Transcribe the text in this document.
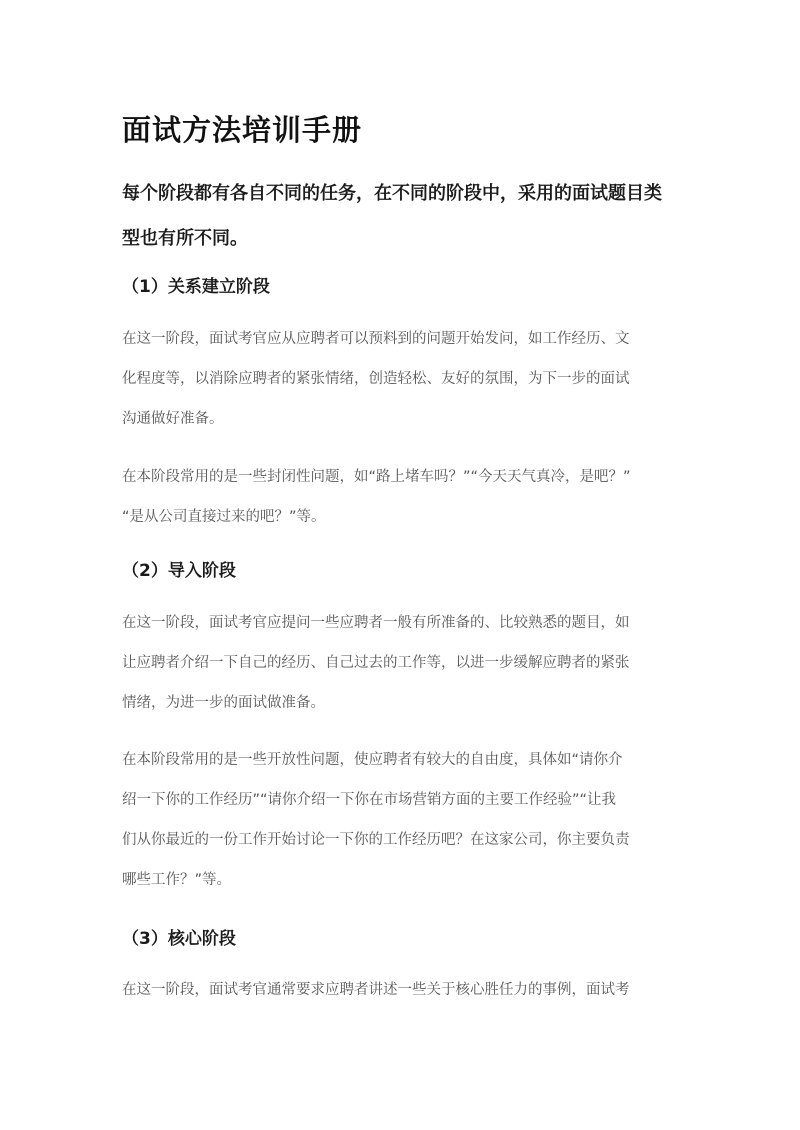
面试方法培训手册

每个阶段都有各自不同的任务，在不同的阶段中，采用的面试题目类
型也有所不同。

（1）关系建立阶段

在这一阶段，面试考官应从应聘者可以预料到的问题开始发问，如工作经历、文
化程度等，以消除应聘者的紧张情绪，创造轻松、友好的氛围，为下一步的面试
沟通做好准备。

在本阶段常用的是一些封闭性问题，如“路上堵车吗？”“今天天气真冷，是吧？”
“是从公司直接过来的吧？”等。

（2）导入阶段

在这一阶段，面试考官应提问一些应聘者一般有所准备的、比较熟悉的题目，如
让应聘者介绍一下自己的经历、自己过去的工作等，以进一步缓解应聘者的紧张
情绪，为进一步的面试做准备。

在本阶段常用的是一些开放性问题，使应聘者有较大的自由度，具体如“请你介
绍一下你的工作经历”“请你介绍一下你在市场营销方面的主要工作经验”“让我
们从你最近的一份工作开始讨论一下你的工作经历吧？在这家公司，你主要负责
哪些工作？”等。

（3）核心阶段

在这一阶段，面试考官通常要求应聘者讲述一些关于核心胜任力的事例，面试考
